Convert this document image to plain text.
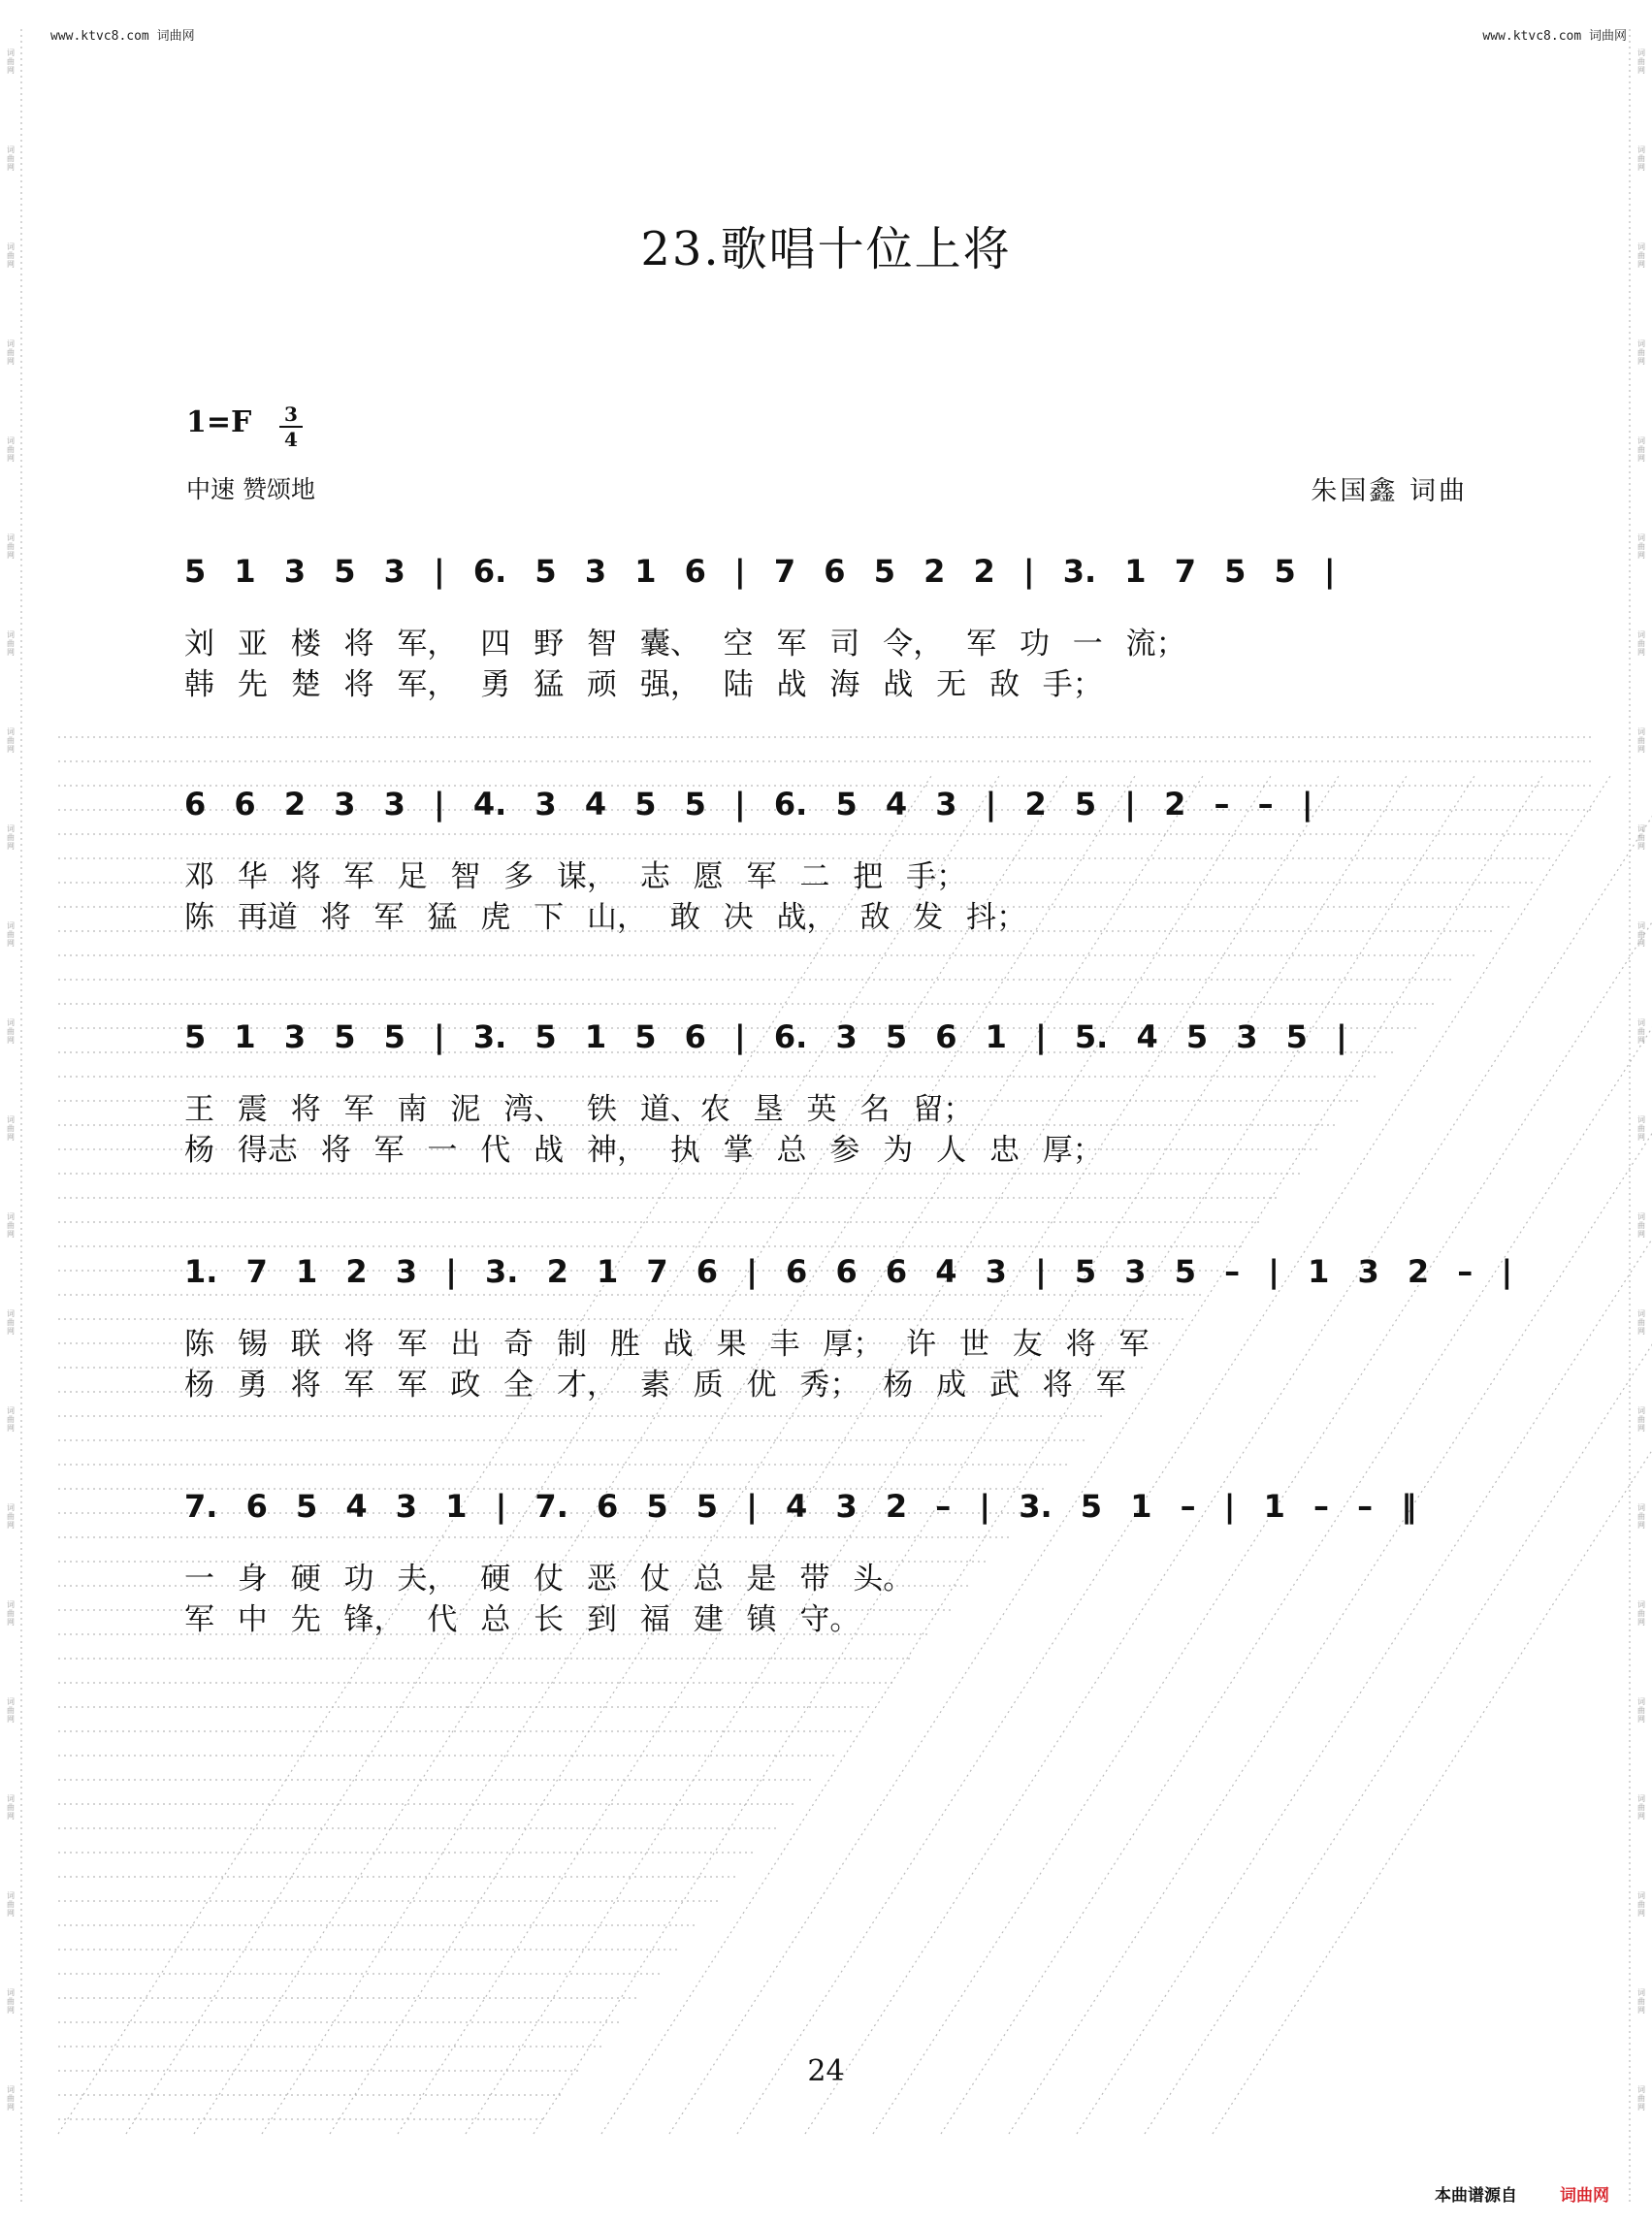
www.ktvc8.com 词曲网	www.ktvc8.com 词曲网
23.歌唱十位上将
1=F 3
4
中速 赞颂地	朱国鑫 词曲
5 1 3 5 3 | 6. 5 3 1 6 | 7 6 5 2 2 | 3. 1 7 5 5 |
刘 亚 楼 将 军， 四 野 智 囊、 空 军 司 令， 军 功 一 流；
韩 先 楚 将 军， 勇 猛 顽 强， 陆 战 海 战 无 敌 手；
6 6 2 3 3 | 4. 3 4 5 5 | 6. 5 4 3 | 2 5 | 2 – – |
邓 华 将 军 足 智 多 谋， 志 愿 军 二 把 手；
陈 再道 将 军 猛 虎 下 山， 敢 决 战， 敌 发 抖；
5 1 3 5 5 | 3. 5 1 5 6 | 6. 3 5 6 1 | 5. 4 5 3 5 |
王 震 将 军 南 泥 湾、 铁 道、农 垦 英 名 留；
杨 得志 将 军 一 代 战 神， 执 掌 总 参 为 人 忠 厚；
1. 7 1 2 3 | 3. 2 1 7 6 | 6 6 6 4 3 | 5 3 5 – | 1 3 2 – |
陈 锡 联 将 军 出 奇 制 胜 战 果 丰 厚； 许 世 友 将 军
杨 勇 将 军 军 政 全 才， 素 质 优 秀； 杨 成 武 将 军
7. 6 5 4 3 1 | 7. 6 5 5 | 4 3 2 – | 3. 5 1 – | 1 – – ‖
一 身 硬 功 夫， 硬 仗 恶 仗 总 是 带 头。
军 中 先 锋， 代 总 长 到 福 建 镇 守。
24
本曲谱源自	词曲网
词曲网
词曲网
词曲网
词曲网
词曲网
词曲网
词曲网
词曲网
词曲网
词曲网
词曲网
词曲网
词曲网
词曲网
词曲网
词曲网
词曲网
词曲网
词曲网
词曲网
词曲网
词曲网
词曲网
词曲网
词曲网
词曲网
词曲网
词曲网
词曲网
词曲网
词曲网
词曲网
词曲网
词曲网
词曲网
词曲网
词曲网
词曲网
词曲网
词曲网
词曲网
词曲网
词曲网
词曲网
